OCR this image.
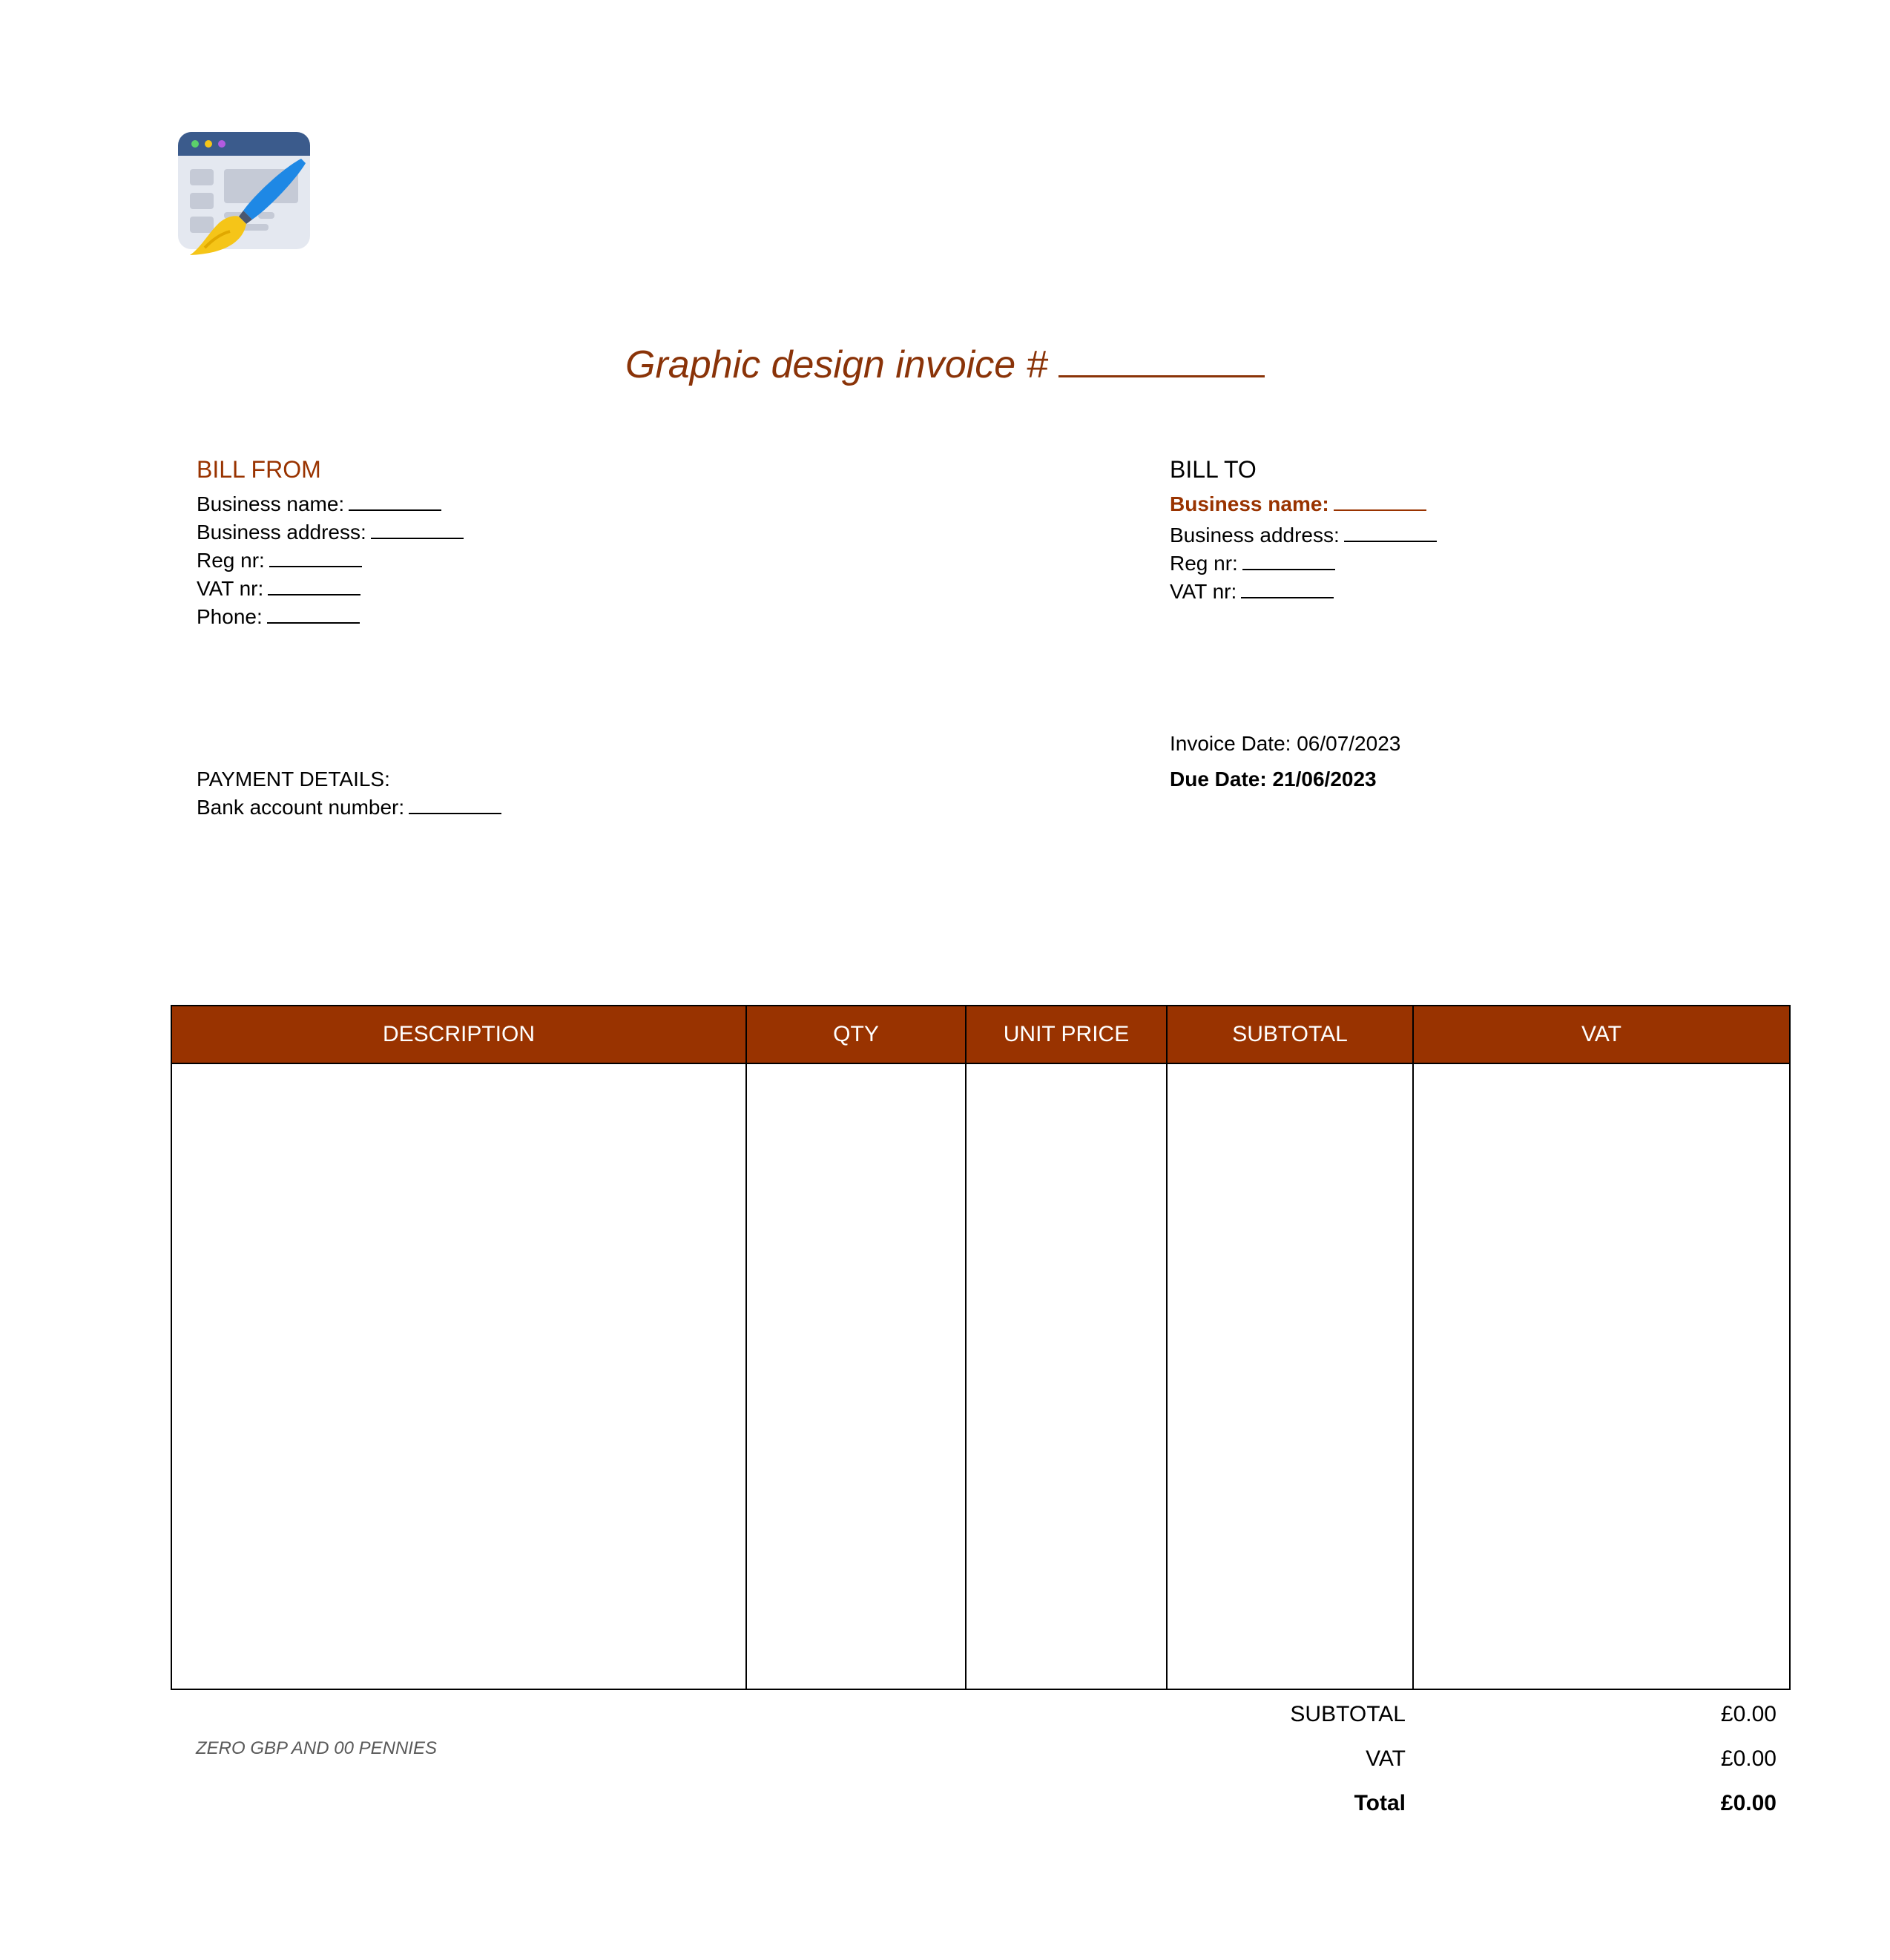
Graphic design invoice #
BILL FROM
Business name:
Business address:
Reg nr:
VAT nr:
Phone:
BILL TO
Business name:
Business address:
Reg nr:
VAT nr:
PAYMENT DETAILS:
Bank account number:
Invoice Date: 06/07/2023
Due Date: 21/06/2023
DESCRIPTION	QTY	UNIT PRICE	SUBTOTAL	VAT

ZERO GBP AND 00 PENNIES
SUBTOTAL	£0.00
VAT	£0.00
Total	£0.00
